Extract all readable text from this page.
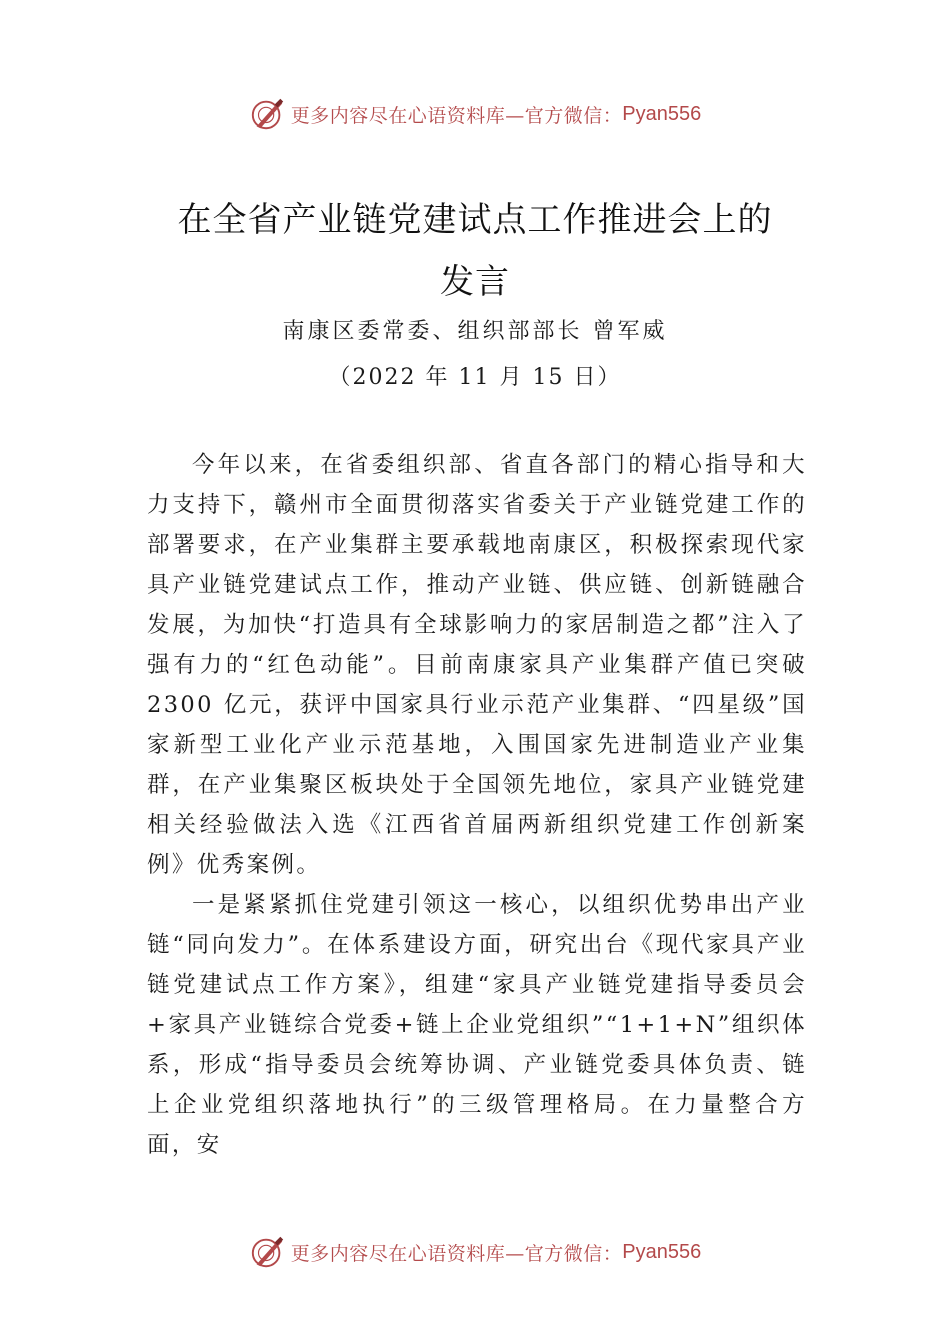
更多内容尽在心语资料库—官方微信： Pyan556
在全省产业链党建试点工作推进会上的
发言
南康区委常委、组织部部长 曾军威
（2022 年 11 月 15 日）

今年以来，在省委组织部、省直各部门的精心指导和大力支持下，赣州市全面贯彻落实省委关于产业链党建工作的部署要求，在产业集群主要承载地南康区，积极探索现代家具产业链党建试点工作，推动产业链、供应链、创新链融合发展，为加快“打造具有全球影响力的家居制造之都”注入了强有力的“红色动能”。目前南康家具产业集群产值已突破 2300 亿元，获评中国家具行业示范产业集群、“四星级”国家新型工业化产业示范基地，入围国家先进制造业产业集群，在产业集聚区板块处于全国领先地位，家具产业链党建相关经验做法入选《江西省首届两新组织党建工作创新案例》优秀案例。

一是紧紧抓住党建引领这一核心，以组织优势串出产业链“同向发力”。在体系建设方面，研究出台《现代家具产业链党建试点工作方案》，组建“家具产业链党建指导委员会+家具产业链综合党委+链上企业党组织”“1+1+N”组织体系，形成“指导委员会统筹协调、产业链党委具体负责、链上企业党组织落地执行”的三级管理格局。在力量整合方面，安

更多内容尽在心语资料库—官方微信： Pyan556
